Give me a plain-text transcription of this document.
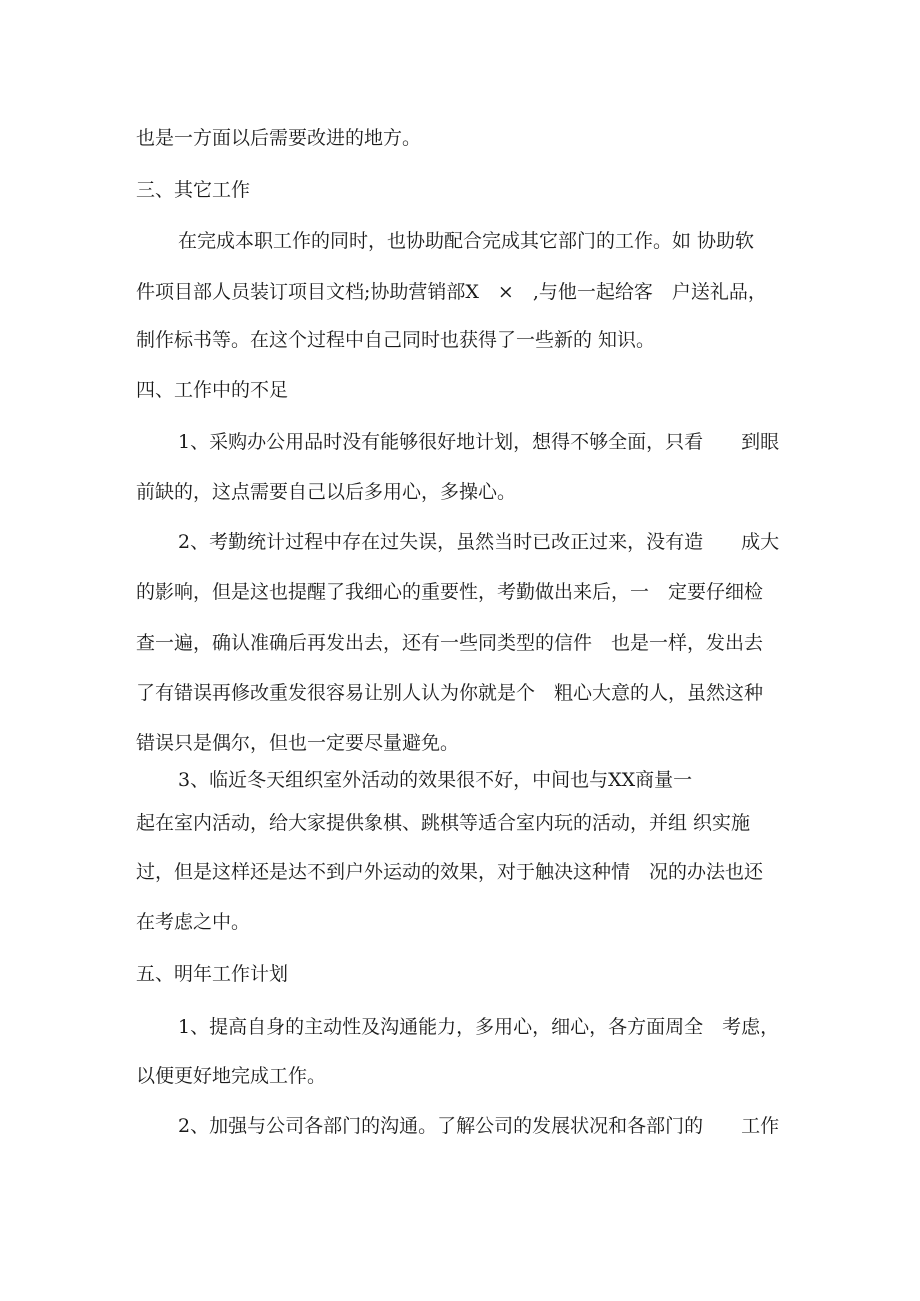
也是一方面以后需要改进的地方。

三、其它工作

在完成本职工作的同时，也协助配合完成其它部门的工作。如 协助软

件项目部人员装订项目文档;协助营销部X　×　,与他一起给客　户送礼品，

制作标书等。在这个过程中自己同时也获得了一些新的 知识。

四、工作中的不足

1、采购办公用品时没有能够很好地计划，想得不够全面，只看　　到眼

前缺的，这点需要自己以后多用心，多操心。

2、考勤统计过程中存在过失误，虽然当时已改正过来，没有造　　成大

的影响，但是这也提醒了我细心的重要性，考勤做出来后，一　定要仔细检

查一遍，确认准确后再发出去，还有一些同类型的信件　也是一样，发出去

了有错误再修改重发很容易让别人认为你就是个　粗心大意的人，虽然这种

错误只是偶尔，但也一定要尽量避免。

3、临近冬天组织室外活动的效果很不好，中间也与XX商量一

起在室内活动，给大家提供象棋、跳棋等适合室内玩的活动，并组 织实施

过，但是这样还是达不到户外运动的效果，对于触决这种情　况的办法也还

在考虑之中。

五、明年工作计划

1、提高自身的主动性及沟通能力，多用心，细心，各方面周全　考虑，

以便更好地完成工作。

2、加强与公司各部门的沟通。了解公司的发展状况和各部门的　　工作
